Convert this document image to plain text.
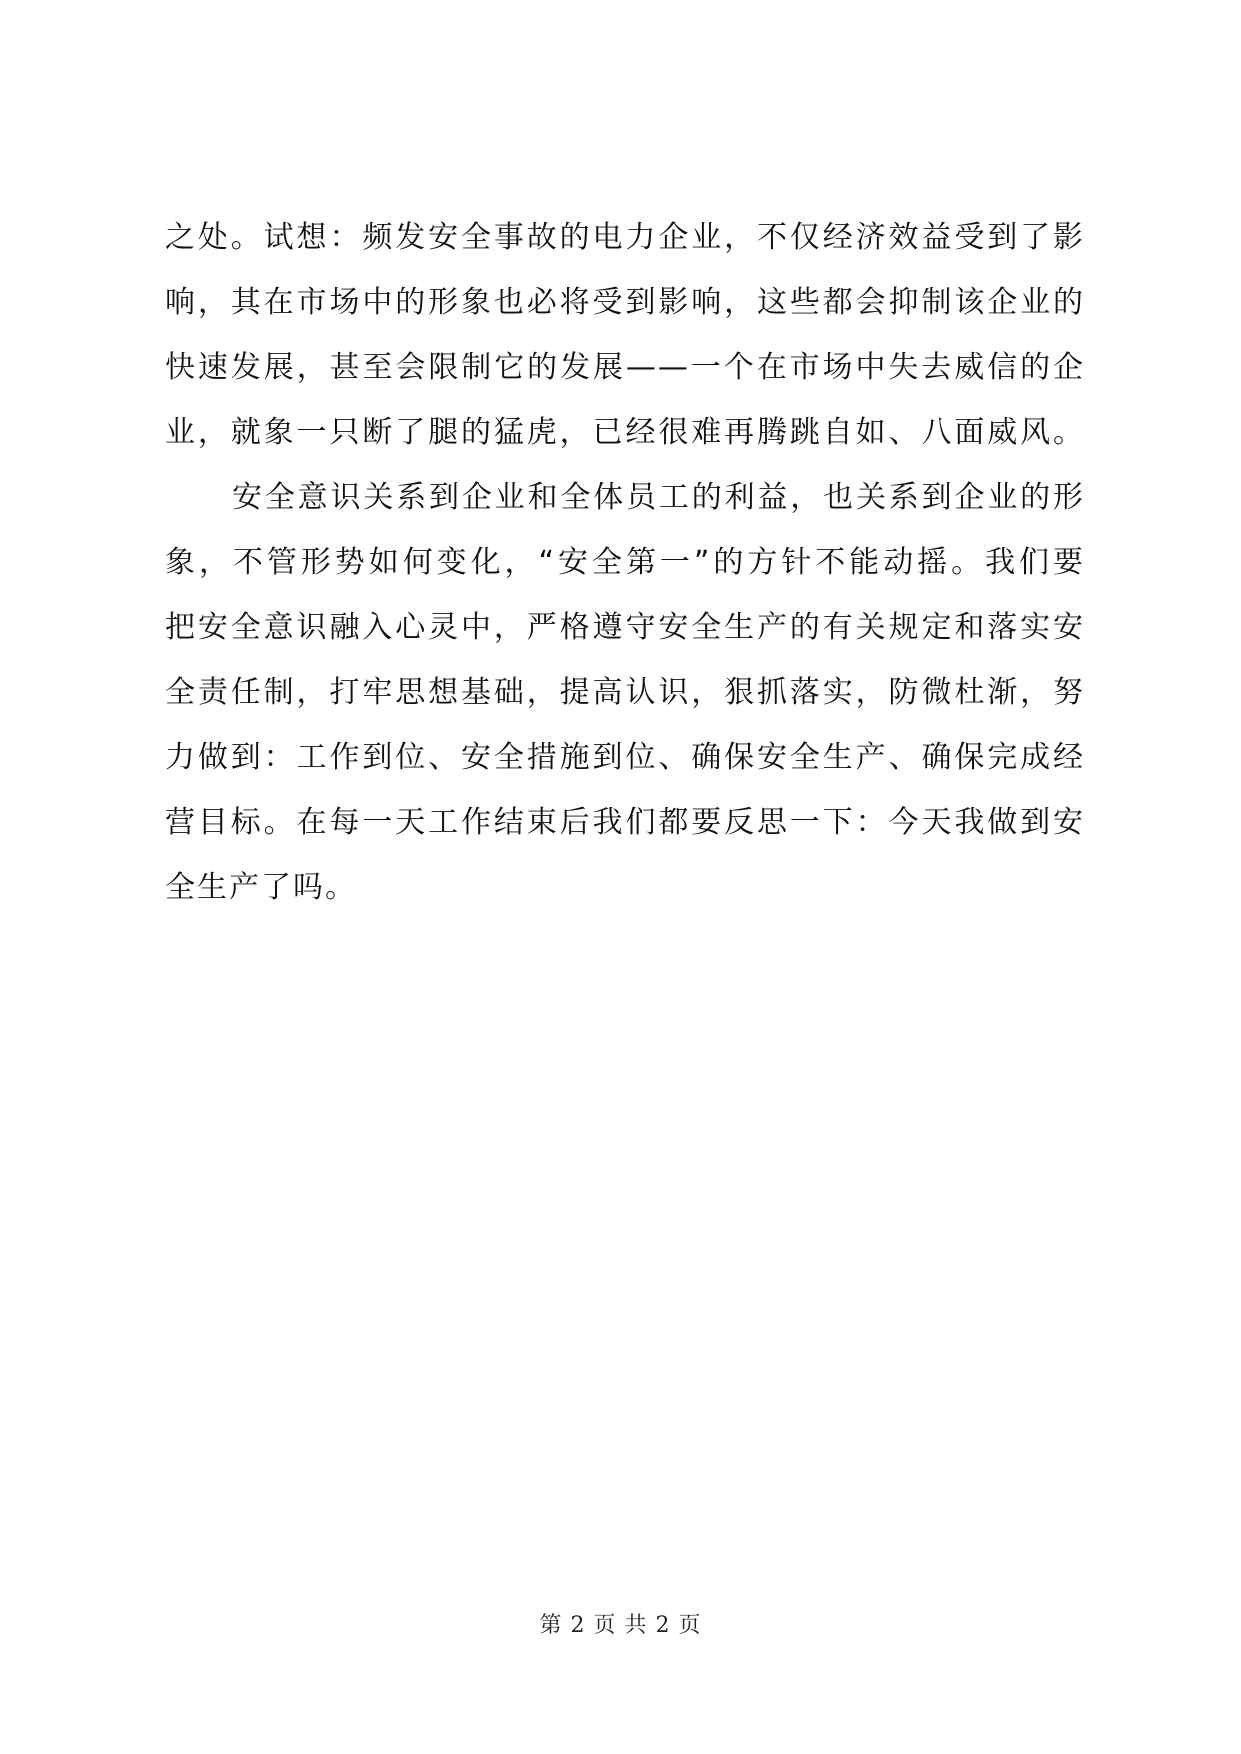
之处。试想：频发安全事故的电力企业，不仅经济效益受到了影
响，其在市场中的形象也必将受到影响，这些都会抑制该企业的
快速发展，甚至会限制它的发展——一个在市场中失去威信的企
业，就象一只断了腿的猛虎，已经很难再腾跳自如、八面威风。
安全意识关系到企业和全体员工的利益，也关系到企业的形
象，不管形势如何变化，“安全第一”的方针不能动摇。我们要
把安全意识融入心灵中，严格遵守安全生产的有关规定和落实安
全责任制，打牢思想基础，提高认识，狠抓落实，防微杜渐，努
力做到：工作到位、安全措施到位、确保安全生产、确保完成经
营目标。在每一天工作结束后我们都要反思一下：今天我做到安
全生产了吗。
第 2 页 共 2 页
